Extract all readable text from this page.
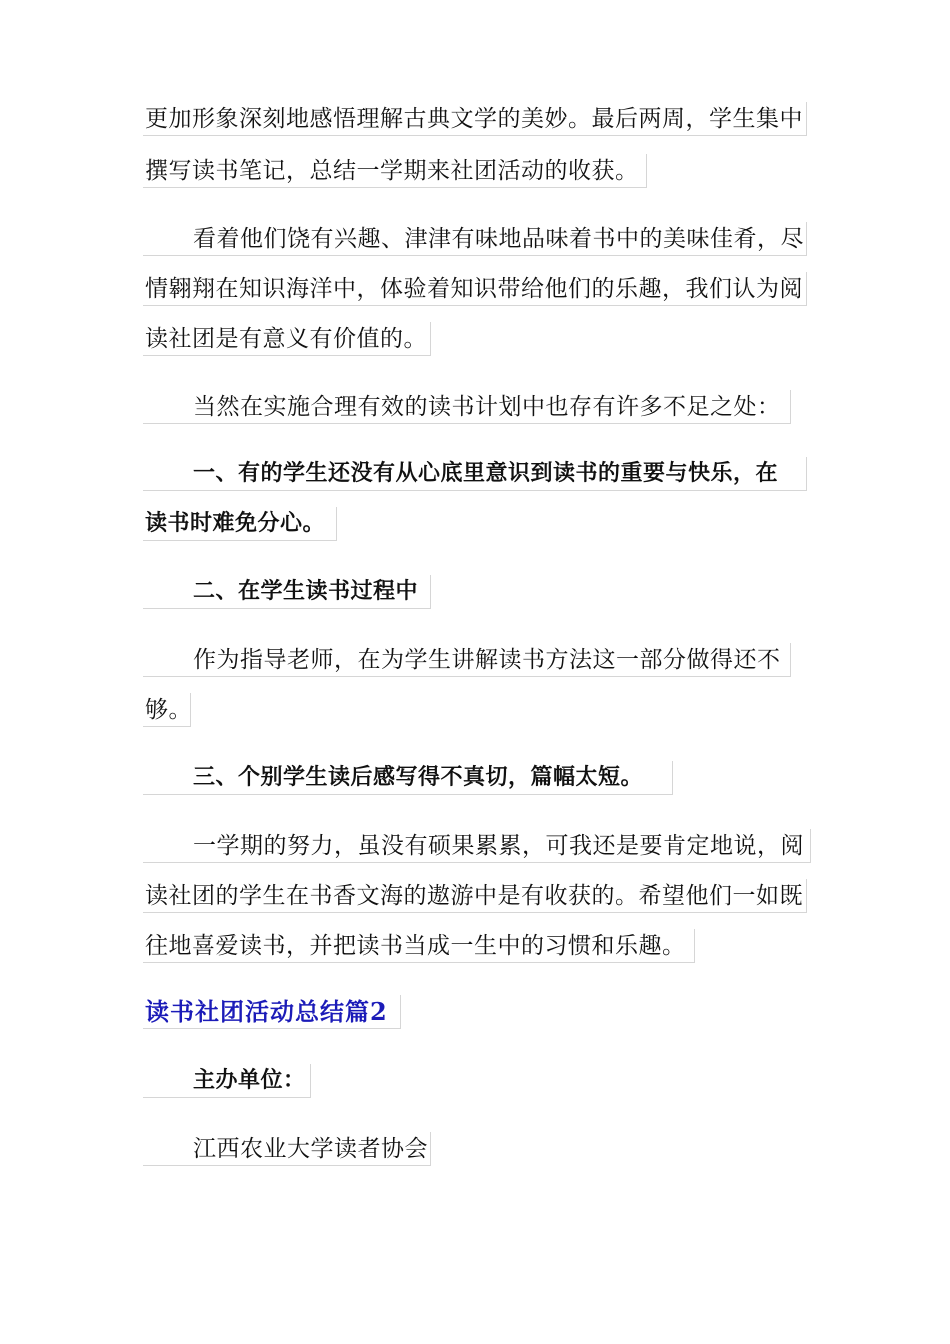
更加形象深刻地感悟理解古典文学的美妙。最后两周，学生集中
撰写读书笔记，总结一学期来社团活动的收获。
看着他们饶有兴趣、津津有味地品味着书中的美味佳肴，尽
情翱翔在知识海洋中，体验着知识带给他们的乐趣，我们认为阅
读社团是有意义有价值的。
当然在实施合理有效的读书计划中也存有许多不足之处：
一、有的学生还没有从心底里意识到读书的重要与快乐，在
读书时难免分心。
二、在学生读书过程中
作为指导老师，在为学生讲解读书方法这一部分做得还不
够。
三、个别学生读后感写得不真切，篇幅太短。
一学期的努力，虽没有硕果累累，可我还是要肯定地说，阅
读社团的学生在书香文海的遨游中是有收获的。希望他们一如既
往地喜爱读书，并把读书当成一生中的习惯和乐趣。
读书社团活动总结篇2
主办单位：
江西农业大学读者协会
